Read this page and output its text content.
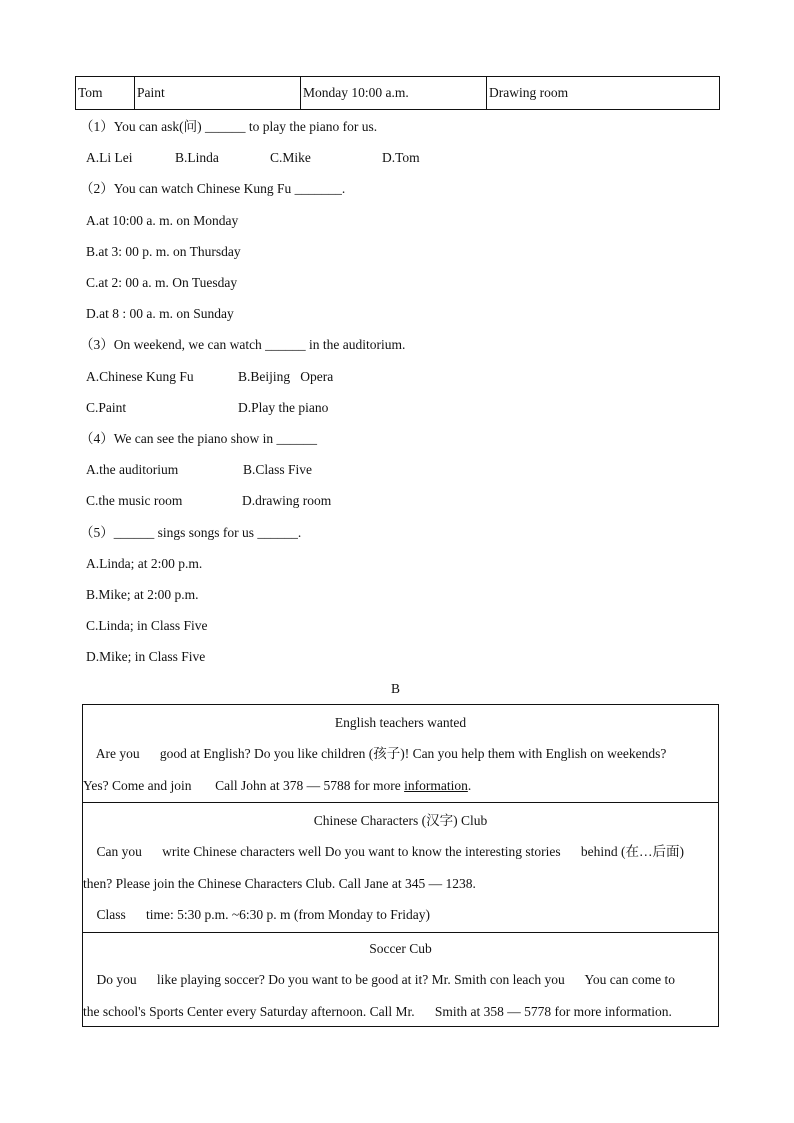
Tom	Paint	Monday 10:00 a.m.	Drawing room
（1）You can ask(问) ______ to play the piano for us.
A.Li Lei	B.Linda	C.Mike	D.Tom
（2）You can watch Chinese Kung Fu _______.
A.at 10:00 a. m. on Monday
B.at 3: 00 p. m. on Thursday
C.at 2: 00 a. m. On Tuesday
D.at 8 : 00 a. m. on Sunday
（3）On weekend, we can watch ______ in the auditorium.
A.Chinese Kung Fu	B.Beijing   Opera
C.Paint	D.Play the piano
（4）We can see the piano show in ______
A.the auditorium	B.Class Five
C.the music room	D.drawing room
（5）______ sings songs for us ______.
A.Linda; at 2:00 p.m.
B.Mike; at 2:00 p.m.
C.Linda; in Class Five
D.Mike; in Class Five
B
English teachers wanted
Are you      good at English? Do you like children (孩子)! Can you help them with English on weekends?
Yes? Come and join       Call John at 378 — 5788 for more information.
Chinese Characters (汉字) Club
Can you      write Chinese characters well Do you want to know the interesting stories      behind (在…后面)
then? Please join the Chinese Characters Club. Call Jane at 345 — 1238.
Class      time: 5:30 p.m. ~6:30 p. m (from Monday to Friday)
Soccer Cub
Do you      like playing soccer? Do you want to be good at it? Mr. Smith con leach you      You can come to
the school's Sports Center every Saturday afternoon. Call Mr.      Smith at 358 — 5778 for more information.
